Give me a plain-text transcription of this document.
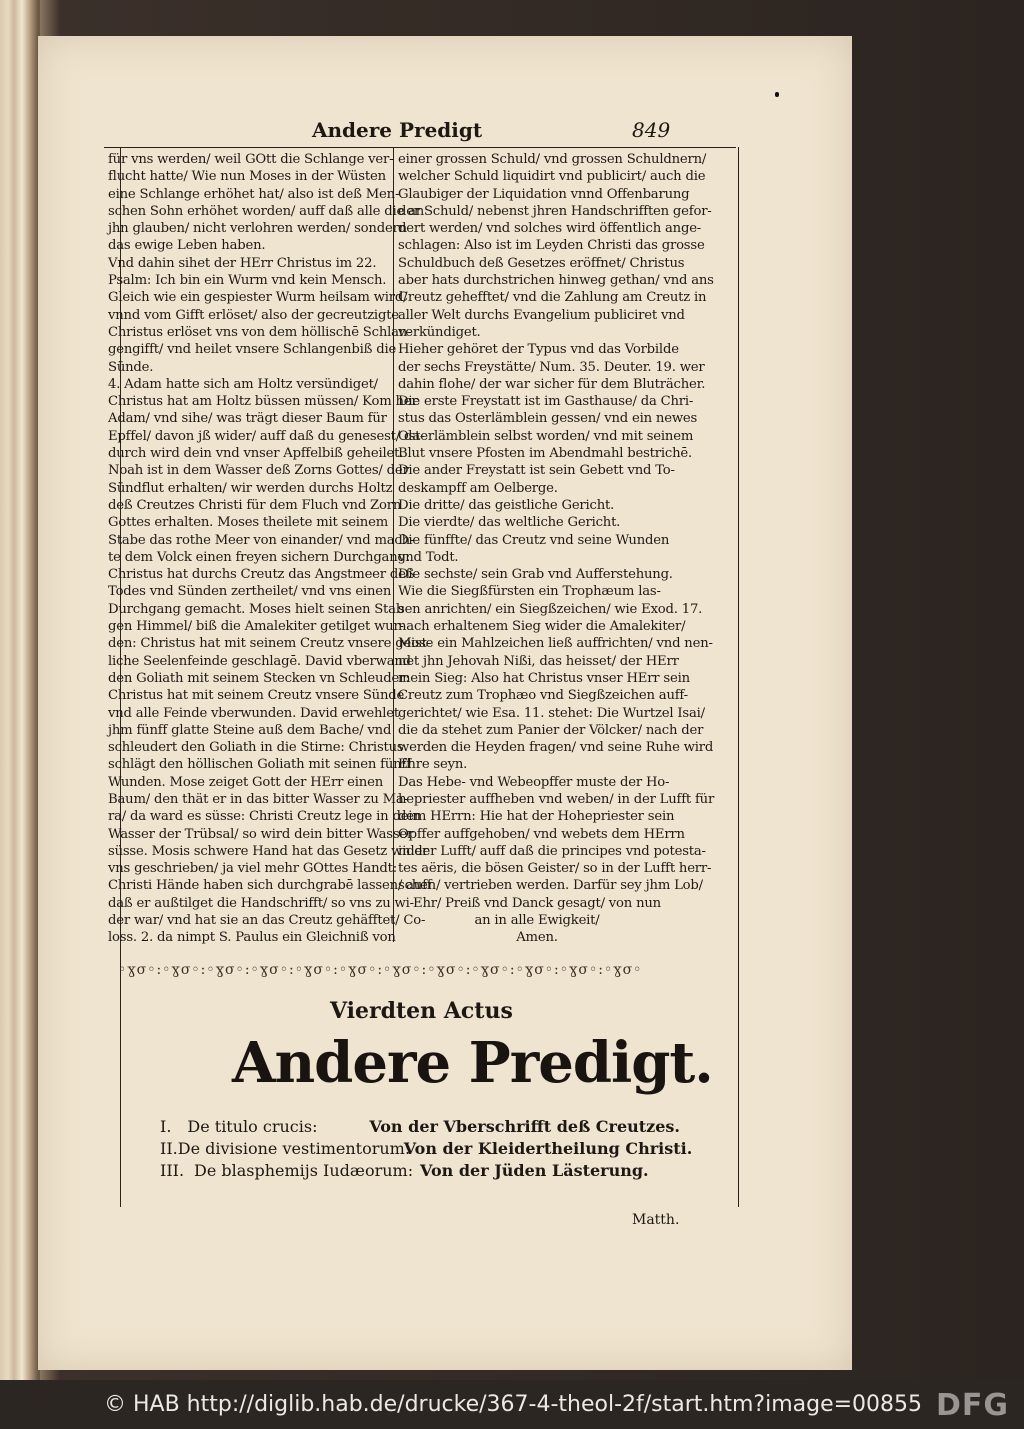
Andere Predigt	849
für vns werden/ weil GOtt die Schlange ver-
flucht hatte/ Wie nun Moses in der Wüsten
eine Schlange erhöhet hat/ also ist deß Men-
schen Sohn erhöhet worden/ auff daß alle die an
jhn glauben/ nicht verlohren werden/ sondern
das ewige Leben haben.
Vnd dahin sihet der HErr Christus im 22.
Psalm: Ich bin ein Wurm vnd kein Mensch.
Gleich wie ein gespiester Wurm heilsam wird/
vnnd vom Gifft erlöset/ also der gecreutzigte
Christus erlöset vns von dem höllischē Schlan-
gengifft/ vnd heilet vnsere Schlangenbiß die
Sünde.
4. Adam hatte sich am Holtz versündiget/
Christus hat am Holtz büssen müssen/ Kom her
Adam/ vnd sihe/ was trägt dieser Baum für
Epffel/ davon jß wider/ auff daß du genesest/ da-
durch wird dein vnd vnser Apffelbiß geheilet.
Noah ist in dem Wasser deß Zorns Gottes/ der
Sündflut erhalten/ wir werden durchs Holtz
deß Creutzes Christi für dem Fluch vnd Zorn
Gottes erhalten. Moses theilete mit seinem
Stabe das rothe Meer von einander/ vnd mach-
te dem Volck einen freyen sichern Durchgang:
Christus hat durchs Creutz das Angstmeer deß
Todes vnd Sünden zertheilet/ vnd vns einen
Durchgang gemacht. Moses hielt seinen Stab
gen Himmel/ biß die Amalekiter getilget wur-
den: Christus hat mit seinem Creutz vnsere geist-
liche Seelenfeinde geschlagē. David vberwand
den Goliath mit seinem Stecken vn Schleuder:
Christus hat mit seinem Creutz vnsere Sünde
vnd alle Feinde vberwunden. David erwehlet
jhm fünff glatte Steine auß dem Bache/ vnd
schleudert den Goliath in die Stirne: Christus
schlägt den höllischen Goliath mit seinen fünff
Wunden. Mose zeiget Gott der HErr einen
Baum/ den thät er in das bitter Wasser zu Ma-
ra/ da ward es süsse: Christi Creutz lege in dein
Wasser der Trübsal/ so wird dein bitter Wasser
süsse. Mosis schwere Hand hat das Gesetz wider
vns geschrieben/ ja viel mehr GOttes Handt:
Christi Hände haben sich durchgrabē lassen/ auff
daß er außtilget die Handschrifft/ so vns zu wi-
der war/ vnd hat sie an das Creutz gehäfftet/ Co-
loss. 2. da nimpt S. Paulus ein Gleichniß von
einer grossen Schuld/ vnd grossen Schuldnern/
welcher Schuld liquidirt vnd publicirt/ auch die
Glaubiger der Liquidation vnnd Offenbarung
der Schuld/ nebenst jhren Handschrifften gefor-
dert werden/ vnd solches wird öffentlich ange-
schlagen: Also ist im Leyden Christi das grosse
Schuldbuch deß Gesetzes eröffnet/ Christus
aber hats durchstrichen hinweg gethan/ vnd ans
Creutz gehefftet/ vnd die Zahlung am Creutz in
aller Welt durchs Evangelium publiciret vnd
verkündiget.
Hieher gehöret der Typus vnd das Vorbilde
der sechs Freystätte/ Num. 35. Deuter. 19. wer
dahin flohe/ der war sicher für dem Bluträcher.
Die erste Freystatt ist im Gasthause/ da Chri-
stus das Osterlämblein gessen/ vnd ein newes
Osterlämblein selbst worden/ vnd mit seinem
Blut vnsere Pfosten im Abendmahl bestrichē.
Die ander Freystatt ist sein Gebett vnd To-
deskampff am Oelberge.
Die dritte/ das geistliche Gericht.
Die vierdte/ das weltliche Gericht.
Die fünffte/ das Creutz vnd seine Wunden
vnd Todt.
Die sechste/ sein Grab vnd Aufferstehung.
Wie die Siegßfürsten ein Trophæum las-
sen anrichten/ ein Siegßzeichen/ wie Exod. 17.
nach erhaltenem Sieg wider die Amalekiter/
Mose ein Mahlzeichen ließ auffrichten/ vnd nen-
net jhn Jehovah Nißi, das heisset/ der HErr
mein Sieg: Also hat Christus vnser HErr sein
Creutz zum Trophæo vnd Siegßzeichen auff-
gerichtet/ wie Esa. 11. stehet: Die Wurtzel Isai/
die da stehet zum Panier der Völcker/ nach der
werden die Heyden fragen/ vnd seine Ruhe wird
Ehre seyn.
Das Hebe- vnd Webeopffer muste der Ho-
hepriester auffheben vnd weben/ in der Lufft für
dem HErrn: Hie hat der Hohepriester sein
Opffer auffgehoben/ vnd webets dem HErrn
in der Lufft/ auff daß die principes vnd potesta-
tes aëris, die bösen Geister/ so in der Lufft herr-
schen/ vertrieben werden. Darfür sey jhm Lob/
Ehr/ Preiß vnd Danck gesagt/ von nun
an in alle Ewigkeit/
Amen.
◦ɣσ◦:◦ɣσ◦:◦ɣσ◦:◦ɣσ◦:◦ɣσ◦:◦ɣσ◦:◦ɣσ◦:◦ɣσ◦:◦ɣσ◦:◦ɣσ◦:◦ɣσ◦:◦ɣσ◦
Vierdten Actus
Andere Predigt.
I. De titulo crucis:	Von der Vberschrifft deß Creutzes.
II. De divisione vestimentorum:
Von der Kleidertheilung Christi.
III. De blasphemijs Iudæorum: Von der Jüden Lästerung.
Matth.
© HAB http://diglib.hab.de/drucke/367-4-theol-2f/start.htm?image=00855 DFG
